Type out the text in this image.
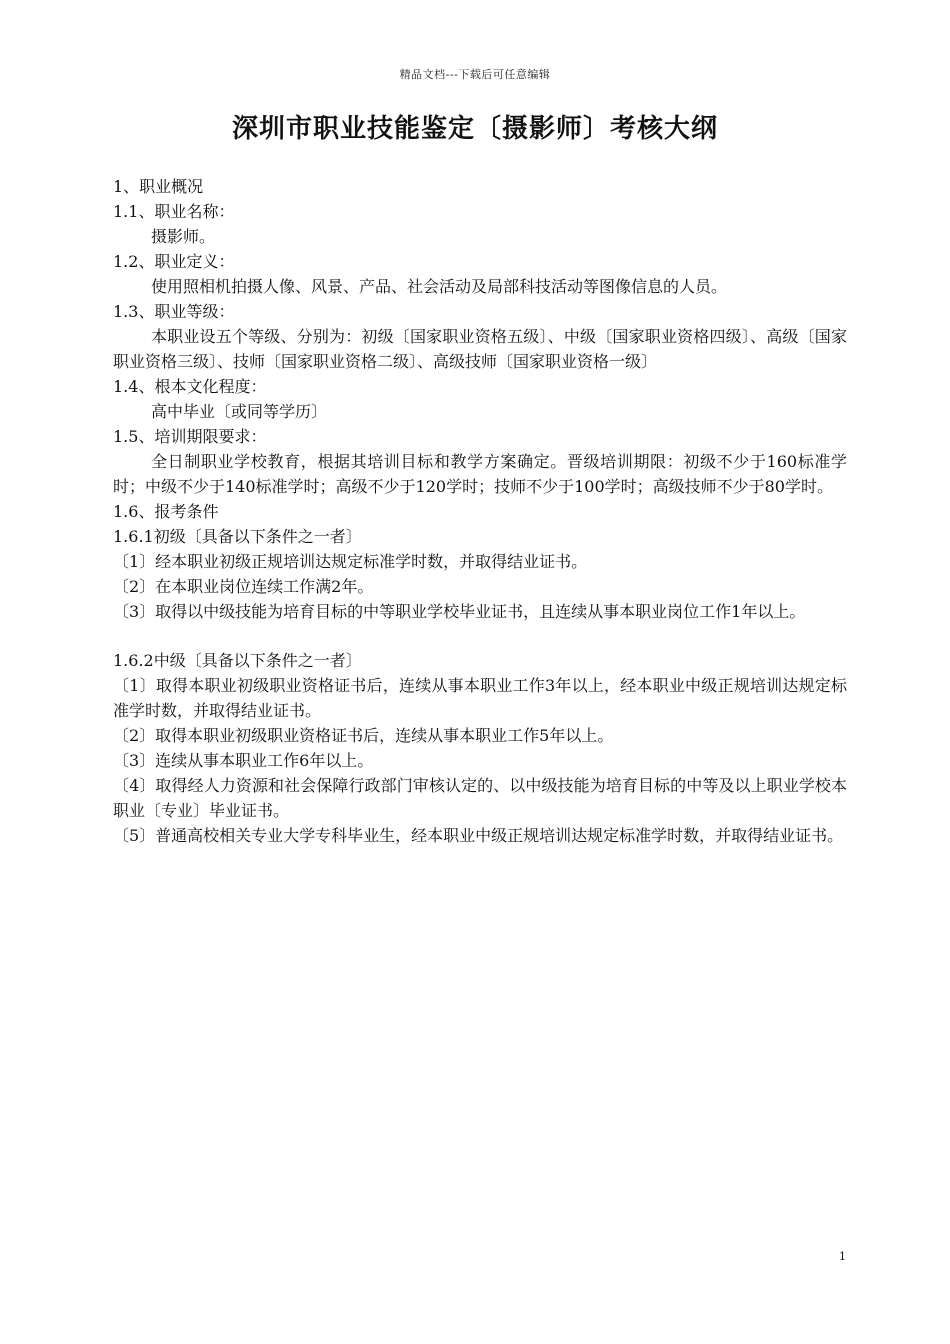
精品文档---下载后可任意编辑
深圳市职业技能鉴定〔摄影师〕考核大纲

1、职业概况

1.1、职业名称：

摄影师。

1.2、职业定义：

使用照相机拍摄人像、风景、产品、社会活动及局部科技活动等图像信息的人员。

1.3、职业等级：

本职业设五个等级、分别为：初级〔国家职业资格五级〕、中级〔国家职业资格四级〕、高级〔国家职业资格三级〕、技师〔国家职业资格二级〕、高级技师〔国家职业资格一级〕

1.4、根本文化程度：

高中毕业〔或同等学历〕

1.5、培训期限要求：

全日制职业学校教育，根据其培训目标和教学方案确定。晋级培训期限：初级不少于160标准学时；中级不少于140标准学时；高级不少于120学时；技师不少于100学时；高级技师不少于80学时。

1.6、报考条件

1.6.1初级〔具备以下条件之一者〕

〔1〕经本职业初级正规培训达规定标准学时数，并取得结业证书。

〔2〕在本职业岗位连续工作满2年。

〔3〕取得以中级技能为培育目标的中等职业学校毕业证书，且连续从事本职业岗位工作1年以上。

1.6.2中级〔具备以下条件之一者〕

〔1〕取得本职业初级职业资格证书后，连续从事本职业工作3年以上，经本职业中级正规培训达规定标准学时数，并取得结业证书。

〔2〕取得本职业初级职业资格证书后，连续从事本职业工作5年以上。

〔3〕连续从事本职业工作6年以上。

〔4〕取得经人力资源和社会保障行政部门审核认定的、以中级技能为培育目标的中等及以上职业学校本职业〔专业〕毕业证书。

〔5〕普通高校相关专业大学专科毕业生，经本职业中级正规培训达规定标准学时数，并取得结业证书。

1
